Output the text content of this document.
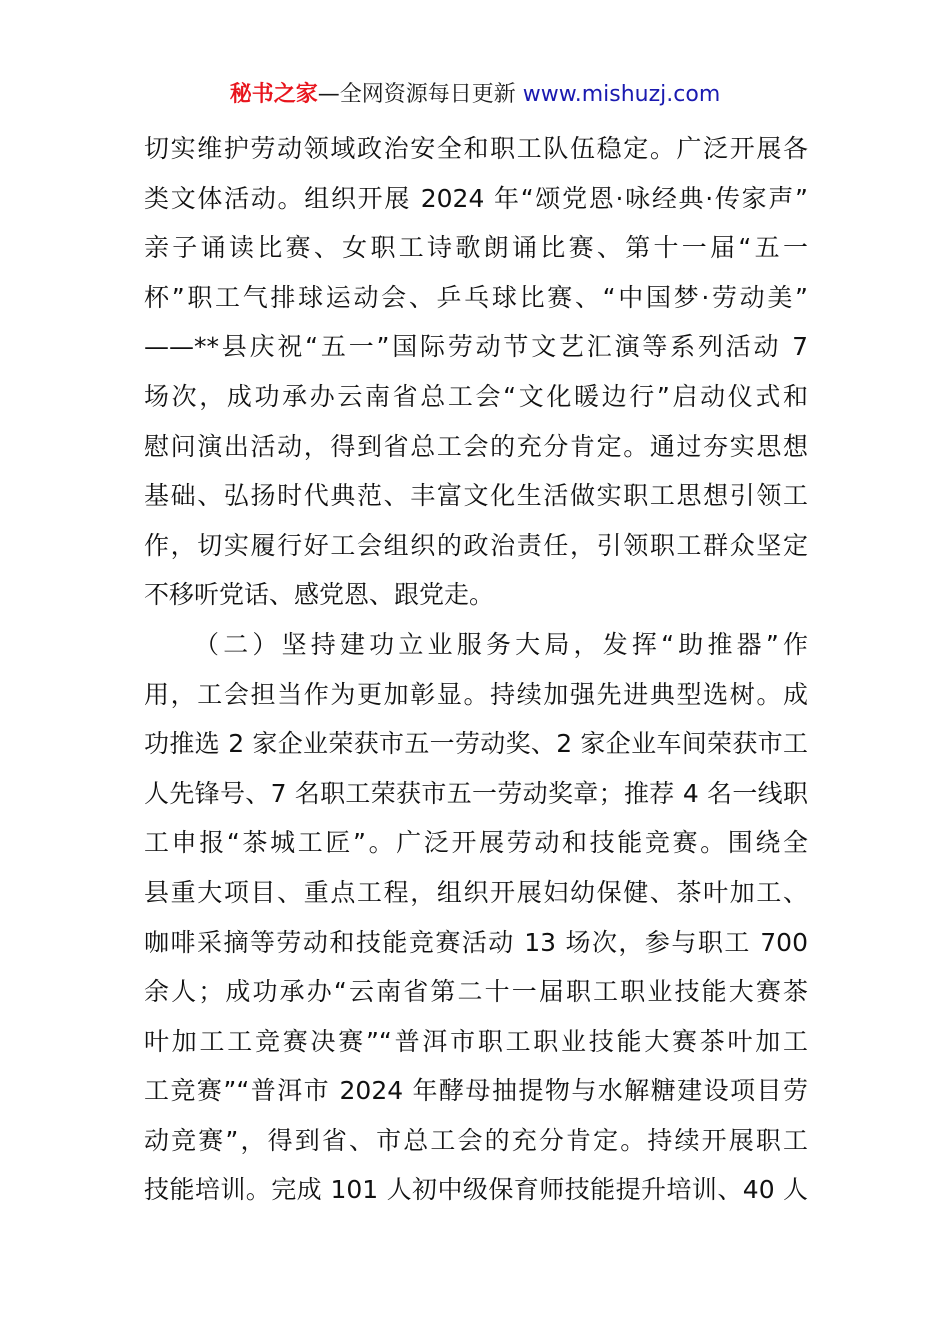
秘书之家—全网资源每日更新 www.mishuzj.com
切实维护劳动领域政治安全和职工队伍稳定。广泛开展各
类文体活动。组织开展 2024 年“颂党恩·咏经典·传家声”
亲子诵读比赛、女职工诗歌朗诵比赛、第十一届“五一
杯”职工气排球运动会、乒乓球比赛、“中国梦·劳动美”
——**县庆祝“五一”国际劳动节文艺汇演等系列活动 7
场次，成功承办云南省总工会“文化暖边行”启动仪式和
慰问演出活动，得到省总工会的充分肯定。通过夯实思想
基础、弘扬时代典范、丰富文化生活做实职工思想引领工
作，切实履行好工会组织的政治责任，引领职工群众坚定
不移听党话、感党恩、跟党走。
（二）坚持建功立业服务大局，发挥“助推器”作
用，工会担当作为更加彰显。持续加强先进典型选树。成
功推选 2 家企业荣获市五一劳动奖、2 家企业车间荣获市工
人先锋号、7 名职工荣获市五一劳动奖章；推荐 4 名一线职
工申报“茶城工匠”。广泛开展劳动和技能竞赛。围绕全
县重大项目、重点工程，组织开展妇幼保健、茶叶加工、
咖啡采摘等劳动和技能竞赛活动 13 场次，参与职工 700
余人；成功承办“云南省第二十一届职工职业技能大赛茶
叶加工工竞赛决赛”“普洱市职工职业技能大赛茶叶加工
工竞赛”“普洱市 2024 年酵母抽提物与水解糖建设项目劳
动竞赛”，得到省、市总工会的充分肯定。持续开展职工
技能培训。完成 101 人初中级保育师技能提升培训、40 人
